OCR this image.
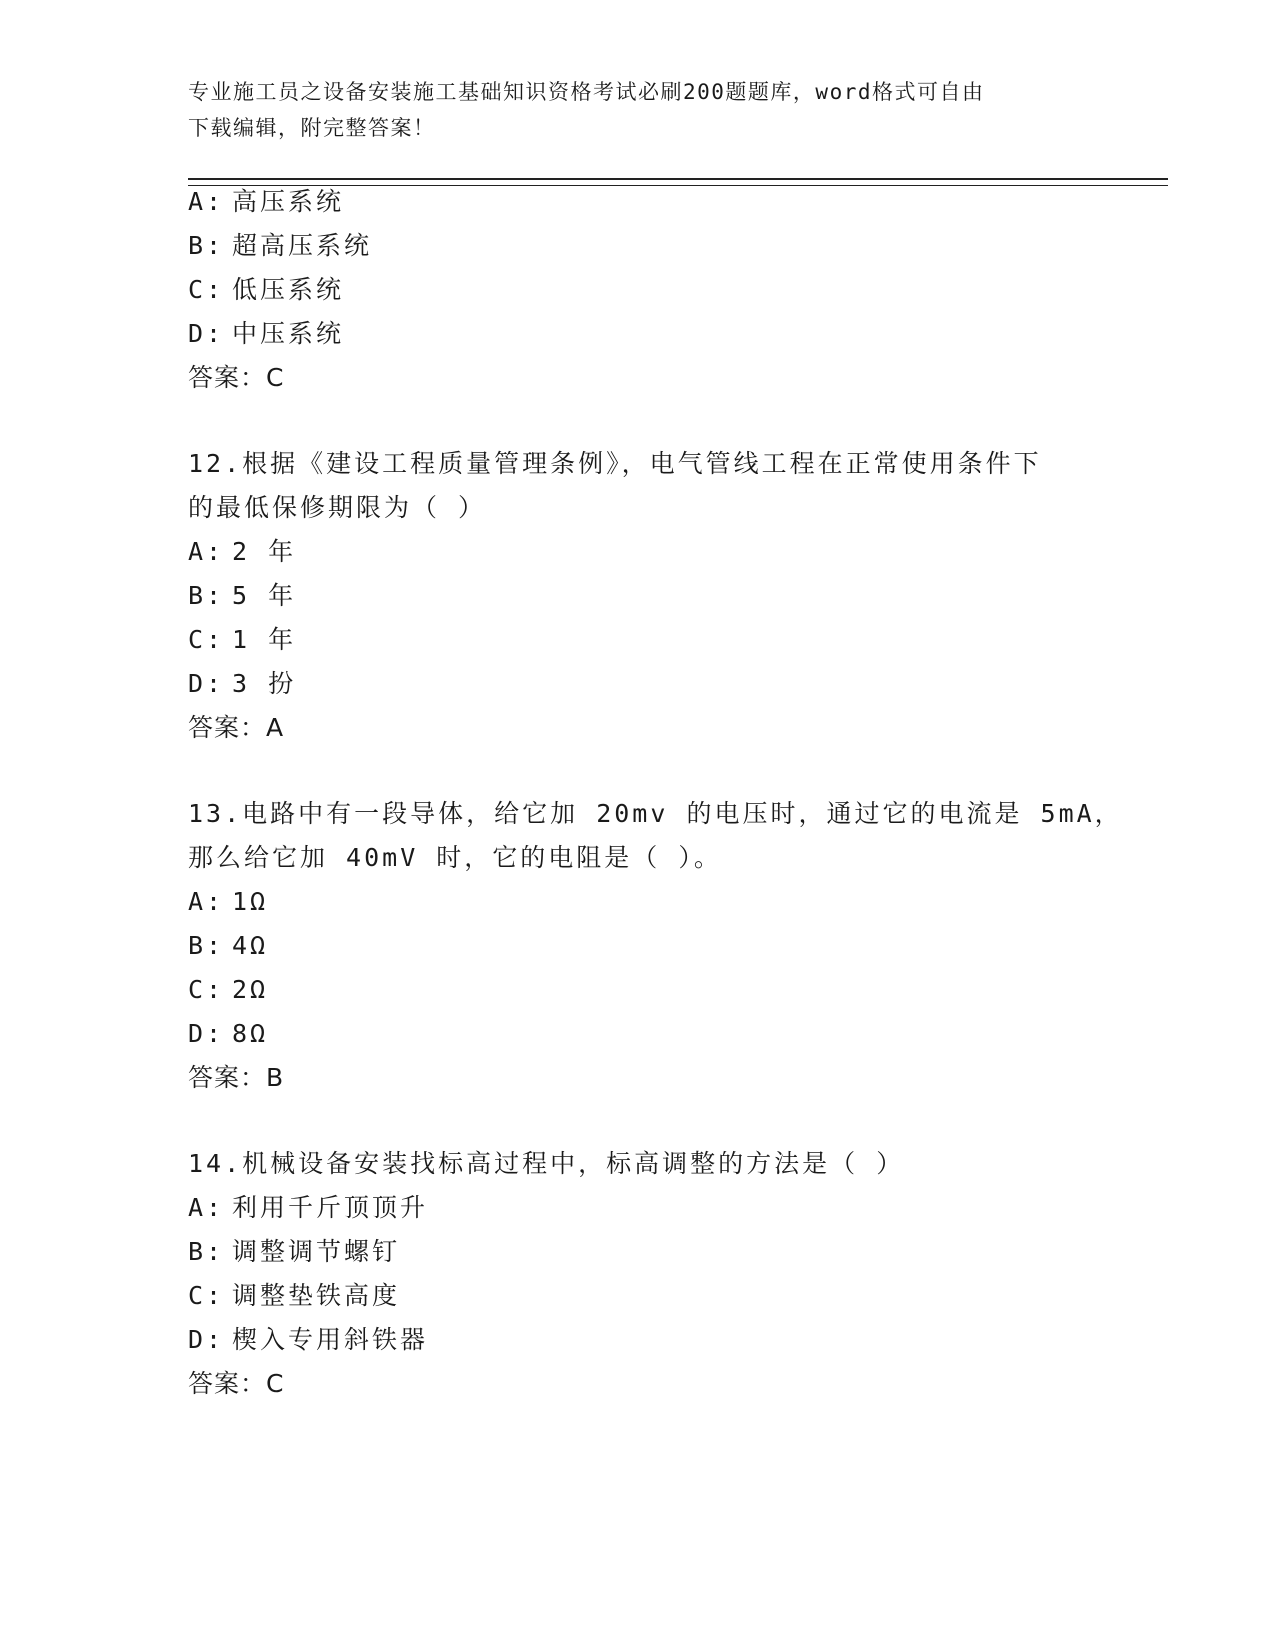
专业施工员之设备安装施工基础知识资格考试必刷200题题库，word格式可自由
下载编辑，附完整答案！
A: 高压系统
B: 超高压系统
C: 低压系统
D: 中压系统
答案：C
12.根据《建设工程质量管理条例》，电气管线工程在正常使用条件下
的最低保修期限为（ ）
A: 2 年
B: 5 年
C: 1 年
D: 3 扮
答案：A
13.电路中有一段导体，给它加 20mv 的电压时，通过它的电流是 5mA，
那么给它加 40mV 时，它的电阻是（ ）。
A: 1Ω
B: 4Ω
C: 2Ω
D: 8Ω
答案：B
14.机械设备安装找标高过程中，标高调整的方法是（ ）
A: 利用千斤顶顶升
B: 调整调节螺钉
C: 调整垫铁高度
D: 楔入专用斜铁器
答案：C
